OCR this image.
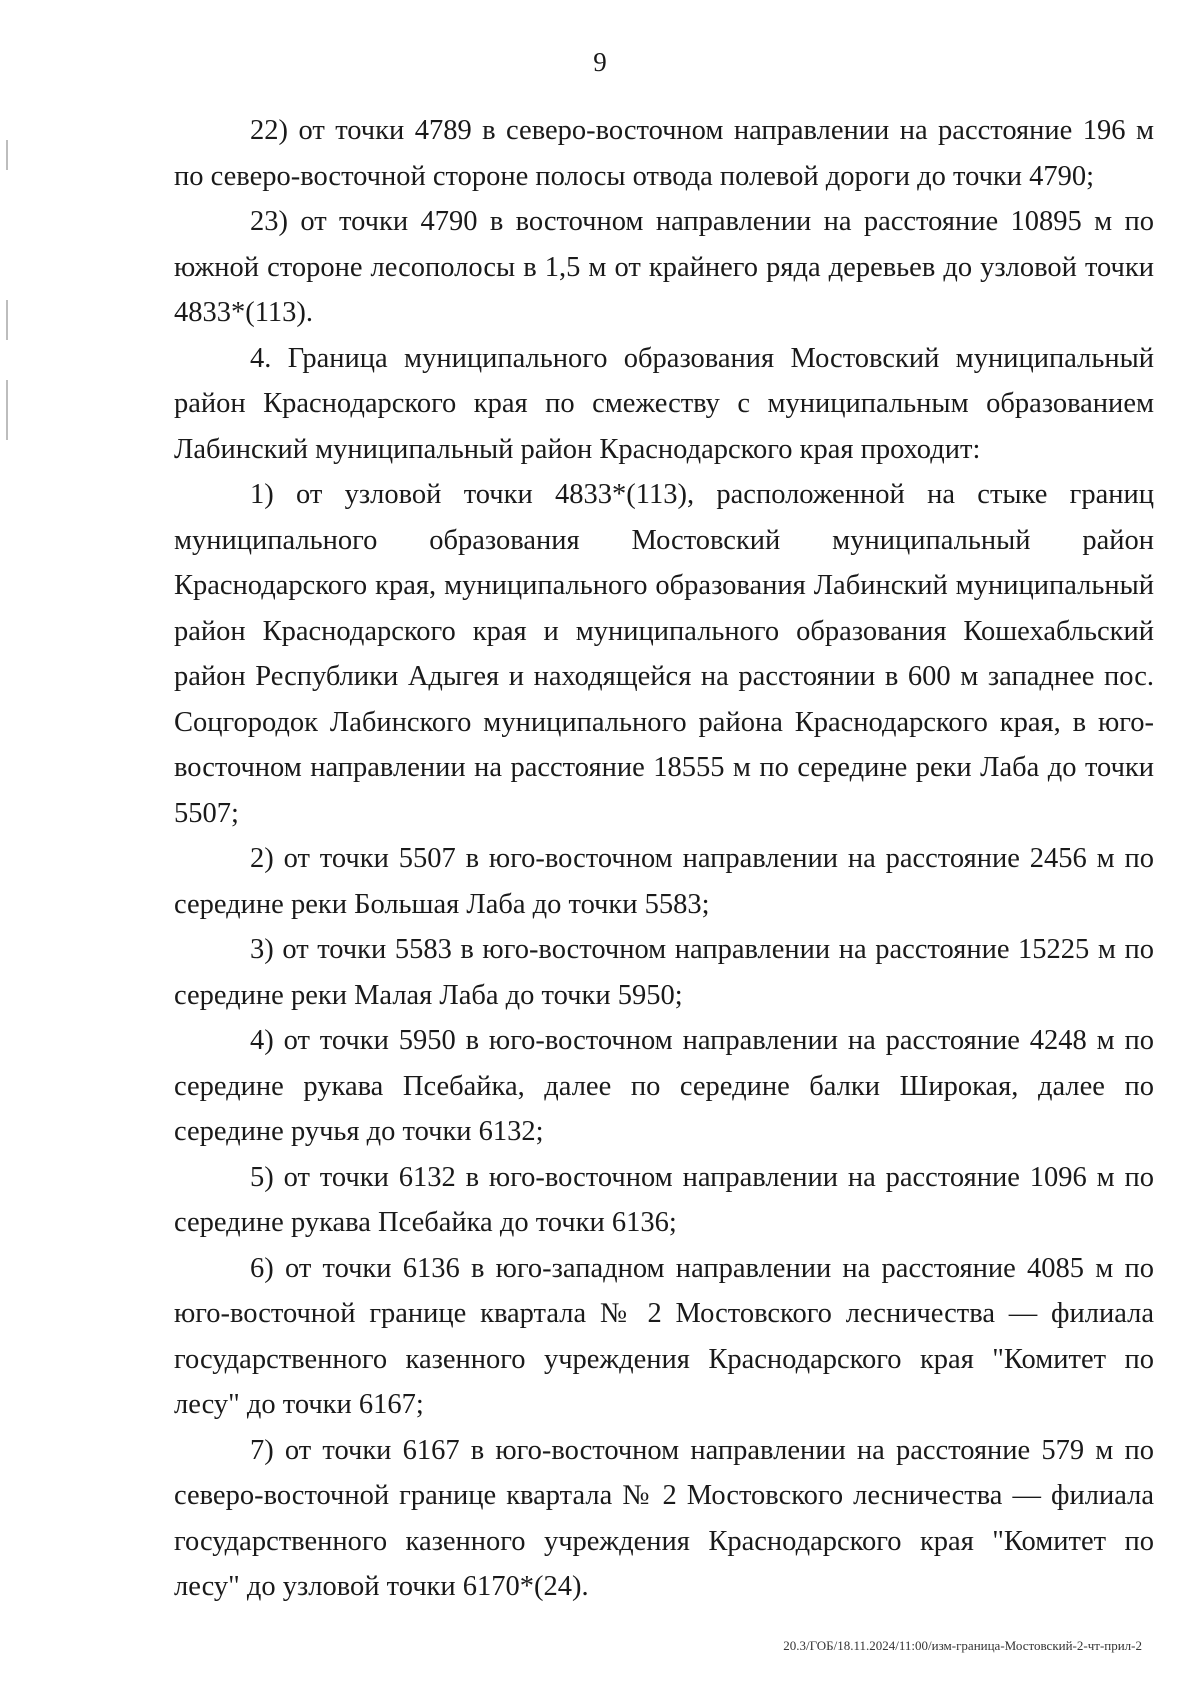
9

22) от точки 4789 в северо-восточном направлении на расстояние 196 м по северо-восточной стороне полосы отвода полевой дороги до точки 4790;

23) от точки 4790 в восточном направлении на расстояние 10895 м по южной стороне лесополосы в 1,5 м от крайнего ряда деревьев до узловой точки 4833*(113).

4. Граница муниципального образования Мостовский муниципальный район Краснодарского края по смежеству с муниципальным образованием Лабинский муниципальный район Краснодарского края проходит:

1) от узловой точки 4833*(113), расположенной на стыке границ муниципального образования Мостовский муниципальный район Краснодарского края, муниципального образования Лабинский муниципальный район Краснодарского края и муниципального образования Кошехабльский район Республики Адыгея и находящейся на расстоянии в 600 м западнее пос. Соцгородок Лабинского муниципального района Краснодарского края, в юго-восточном направлении на расстояние 18555 м по середине реки Лаба до точки 5507;

2) от точки 5507 в юго-восточном направлении на расстояние 2456 м по середине реки Большая Лаба до точки 5583;

3) от точки 5583 в юго-восточном направлении на расстояние 15225 м по середине реки Малая Лаба до точки 5950;

4) от точки 5950 в юго-восточном направлении на расстояние 4248 м по середине рукава Псебайка, далее по середине балки Широкая, далее по середине ручья до точки 6132;

5) от точки 6132 в юго-восточном направлении на расстояние 1096 м по середине рукава Псебайка до точки 6136;

6) от точки 6136 в юго-западном направлении на расстояние 4085 м по юго-восточной границе квартала № 2 Мостовского лесничества — филиала государственного казенного учреждения Краснодарского края "Комитет по лесу" до точки 6167;

7) от точки 6167 в юго-восточном направлении на расстояние 579 м по северо-восточной границе квартала № 2 Мостовского лесничества — филиала государственного казенного учреждения Краснодарского края "Комитет по лесу" до узловой точки 6170*(24).

20.3/ГОБ/18.11.2024/11:00/изм-граница-Мостовский-2-чт-прил-2
